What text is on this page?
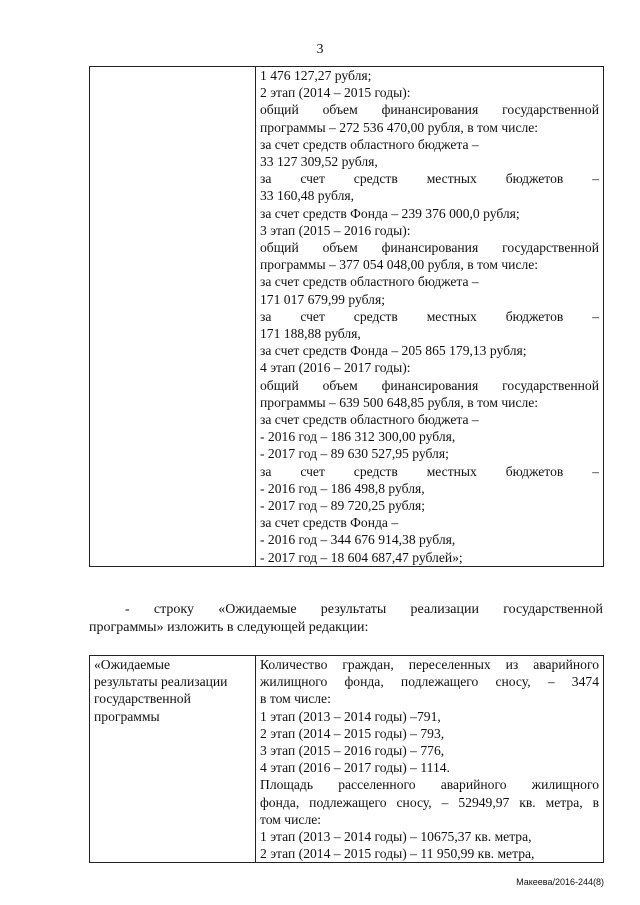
3

1 476 127,27 рубля;
2 этап (2014 – 2015 годы):
общий объем финансирования государственной
программы – 272 536 470,00 рубля, в том числе:
за счет средств областного бюджета –
33 127 309,52 рубля,
за счет средств местных бюджетов –
33 160,48 рубля,
за счет средств Фонда – 239 376 000,0 рубля;
3 этап (2015 – 2016 годы):
общий объем финансирования государственной
программы – 377 054 048,00 рубля, в том числе:
за счет средств областного бюджета –
171 017 679,99 рубля;
за счет средств местных бюджетов –
171 188,88 рубля,
за счет средств Фонда – 205 865 179,13 рубля;
4 этап (2016 – 2017 годы):
общий объем финансирования государственной
программы – 639 500 648,85 рубля, в том числе:
за счет средств областного бюджета –
- 2016 год – 186 312 300,00 рубля,
- 2017 год – 89 630 527,95 рубля;
за счет средств местных бюджетов –
- 2016 год – 186 498,8 рубля,
- 2017 год – 89 720,25 рубля;
за счет средств Фонда –
- 2016 год – 344 676 914,38 рубля,
- 2017 год – 18 604 687,47 рублей»;
- строку «Ожидаемые результаты реализации государственной
программы» изложить в следующей редакции:
«Ожидаемые
результаты реализации
государственной
программы

Количество граждан, переселенных из аварийного
жилищного фонда, подлежащего сносу, – 3474
в том числе:
1 этап (2013 – 2014 годы) –791,
2 этап (2014 – 2015 годы) – 793,
3 этап (2015 – 2016 годы) – 776,
4 этап (2016 – 2017 годы) – 1114.
Площадь расселенного аварийного жилищного
фонда, подлежащего сносу, – 52949,97 кв. метра, в
том числе:
1 этап (2013 – 2014 годы) – 10675,37 кв. метра,
2 этап (2014 – 2015 годы) – 11 950,99 кв. метра,
Макеева/2016-244(8)
